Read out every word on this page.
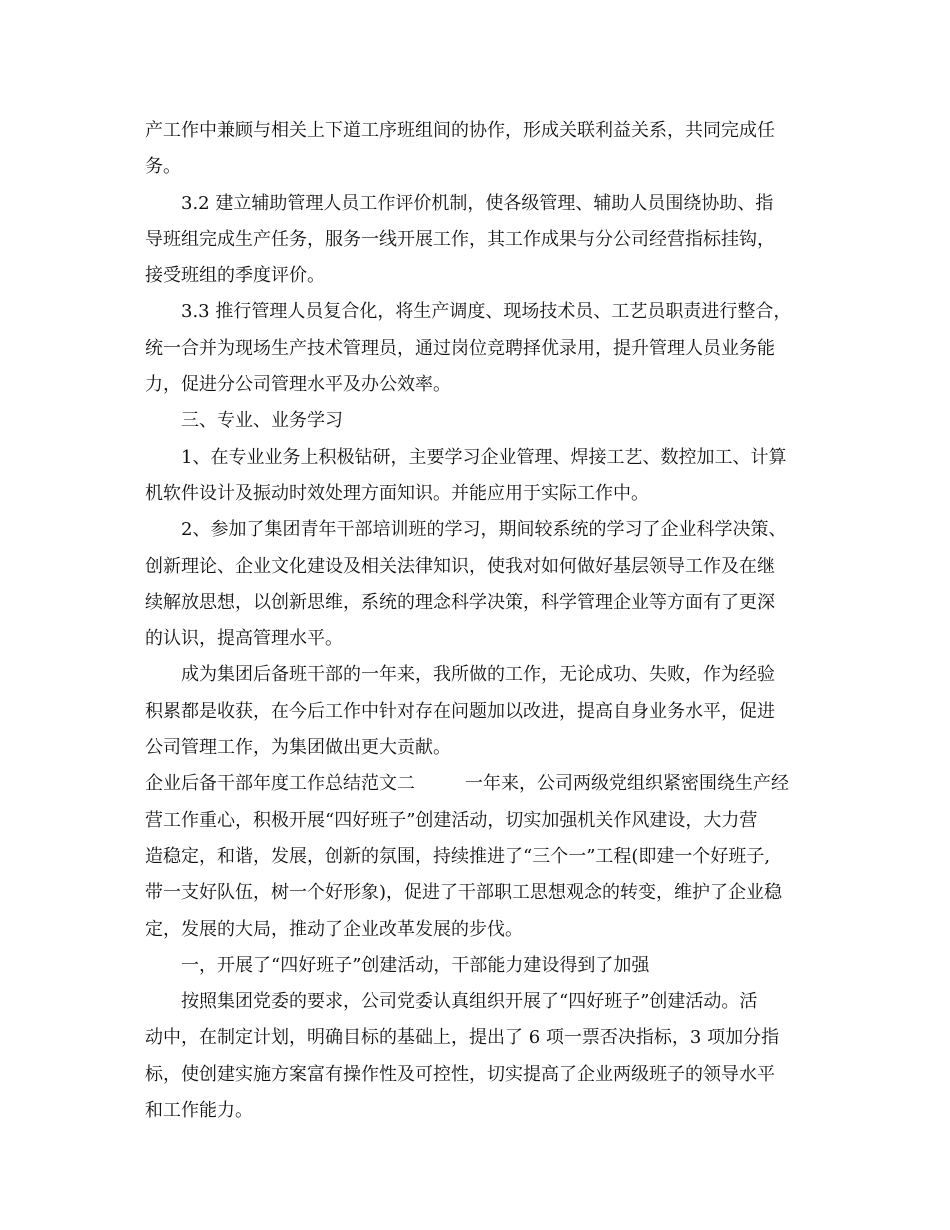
产工作中兼顾与相关上下道工序班组间的协作，形成关联利益关系，共同完成任
务。
3.2 建立辅助管理人员工作评价机制，使各级管理、辅助人员围绕协助、指
导班组完成生产任务，服务一线开展工作，其工作成果与分公司经营指标挂钩，
接受班组的季度评价。
3.3 推行管理人员复合化，将生产调度、现场技术员、工艺员职责进行整合，
统一合并为现场生产技术管理员，通过岗位竞聘择优录用，提升管理人员业务能
力，促进分公司管理水平及办公效率。
三、专业、业务学习
1、在专业业务上积极钻研，主要学习企业管理、焊接工艺、数控加工、计算
机软件设计及振动时效处理方面知识。并能应用于实际工作中。
2、参加了集团青年干部培训班的学习，期间较系统的学习了企业科学决策、
创新理论、企业文化建设及相关法律知识，使我对如何做好基层领导工作及在继
续解放思想，以创新思维，系统的理念科学决策，科学管理企业等方面有了更深
的认识，提高管理水平。
成为集团后备班干部的一年来，我所做的工作，无论成功、失败，作为经验
积累都是收获，在今后工作中针对存在问题加以改进，提高自身业务水平，促进
公司管理工作，为集团做出更大贡献。
企业后备干部年度工作总结范文二	一年来，公司两级党组织紧密围绕生产经
营工作重心，积极开展“四好班子”创建活动，切实加强机关作风建设，大力营
造稳定，和谐，发展，创新的氛围，持续推进了“三个一”工程(即建一个好班子,
带一支好队伍，树一个好形象)，促进了干部职工思想观念的转变，维护了企业稳
定，发展的大局，推动了企业改革发展的步伐。
一，开展了“四好班子”创建活动，干部能力建设得到了加强
按照集团党委的要求，公司党委认真组织开展了“四好班子”创建活动。活
动中，在制定计划，明确目标的基础上，提出了 6 项一票否决指标，3 项加分指
标，使创建实施方案富有操作性及可控性，切实提高了企业两级班子的领导水平
和工作能力。
